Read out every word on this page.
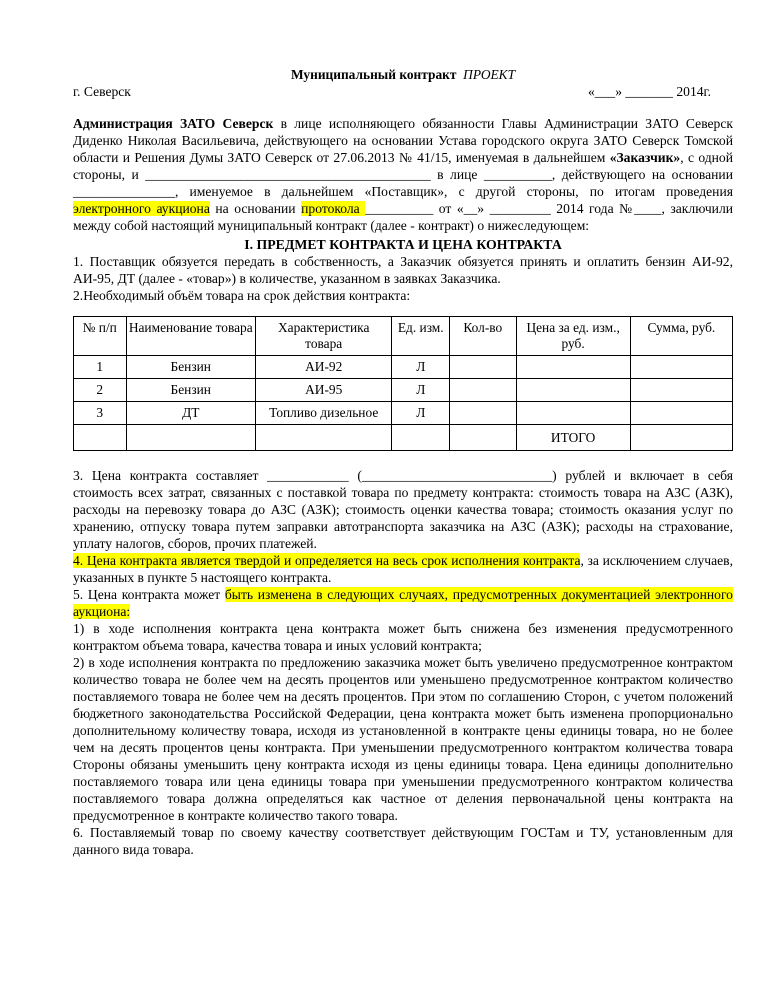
Муниципальный контракт ПРОЕКТ

г. Северск	«___» _______ 2014г.

Администрация ЗАТО Северск в лице исполняющего обязанности Главы Администрации ЗАТО Северск Диденко Николая Васильевича, действующего на основании Устава городского округа ЗАТО Северск Томской области и Решения Думы ЗАТО Северск от 27.06.2013 № 41/15, именуемая в дальнейшем «Заказчик», с одной стороны, и __________________________________________ в лице __________, действующего на основании _______________, именуемое в дальнейшем «Поставщик», с другой стороны, по итогам проведения электронного аукциона на основании протокола __________ от «__» _________ 2014 года №____, заключили между собой настоящий муниципальный контракт (далее - контракт) о нижеследующем:

I. ПРЕДМЕТ КОНТРАКТА И ЦЕНА КОНТРАКТА

1. Поставщик обязуется передать в собственность, а Заказчик обязуется принять и оплатить бензин АИ-92, АИ-95, ДТ (далее - «товар») в количестве, указанном в заявках Заказчика.

2.Необходимый объём товара на срок действия контракта:

№ п/п	Наименование товара	Характеристика товара	Ед. изм.	Кол-во	Цена за ед. изм., руб.	Сумма, руб.
1	Бензин	АИ-92	Л			
2	Бензин	АИ-95	Л			
3	ДТ	Топливо дизельное	Л			
					ИТОГО	

3. Цена контракта составляет ____________ (____________________________) рублей и включает в себя стоимость всех затрат, связанных с поставкой товара по предмету контракта: стоимость товара на АЗС (АЗК), расходы на перевозку товара до АЗС (АЗК); стоимость оценки качества товара; стоимость оказания услуг по хранению, отпуску товара путем заправки автотранспорта заказчика на АЗС (АЗК); расходы на страхование, уплату налогов, сборов, прочих платежей.

4. Цена контракта является твердой и определяется на весь срок исполнения контракта, за исключением случаев, указанных в пункте 5 настоящего контракта.

5. Цена контракта может быть изменена в следующих случаях, предусмотренных документацией электронного аукциона:

1) в ходе исполнения контракта цена контракта может быть снижена без изменения предусмотренного контрактом объема товара, качества товара и иных условий контракта;

2) в ходе исполнения контракта по предложению заказчика может быть увеличено предусмотренное контрактом количество товара не более чем на десять процентов или уменьшено предусмотренное контрактом количество поставляемого товара не более чем на десять процентов. При этом по соглашению Сторон, с учетом положений бюджетного законодательства Российской Федерации, цена контракта может быть изменена пропорционально дополнительному количеству товара, исходя из установленной в контракте цены единицы товара, но не более чем на десять процентов цены контракта. При уменьшении предусмотренного контрактом количества товара Стороны обязаны уменьшить цену контракта исходя из цены единицы товара. Цена единицы дополнительно поставляемого товара или цена единицы товара при уменьшении предусмотренного контрактом количества поставляемого товара должна определяться как частное от деления первоначальной цены контракта на предусмотренное в контракте количество такого товара.

6. Поставляемый товар по своему качеству соответствует действующим ГОСТам и ТУ, установленным для данного вида товара.
